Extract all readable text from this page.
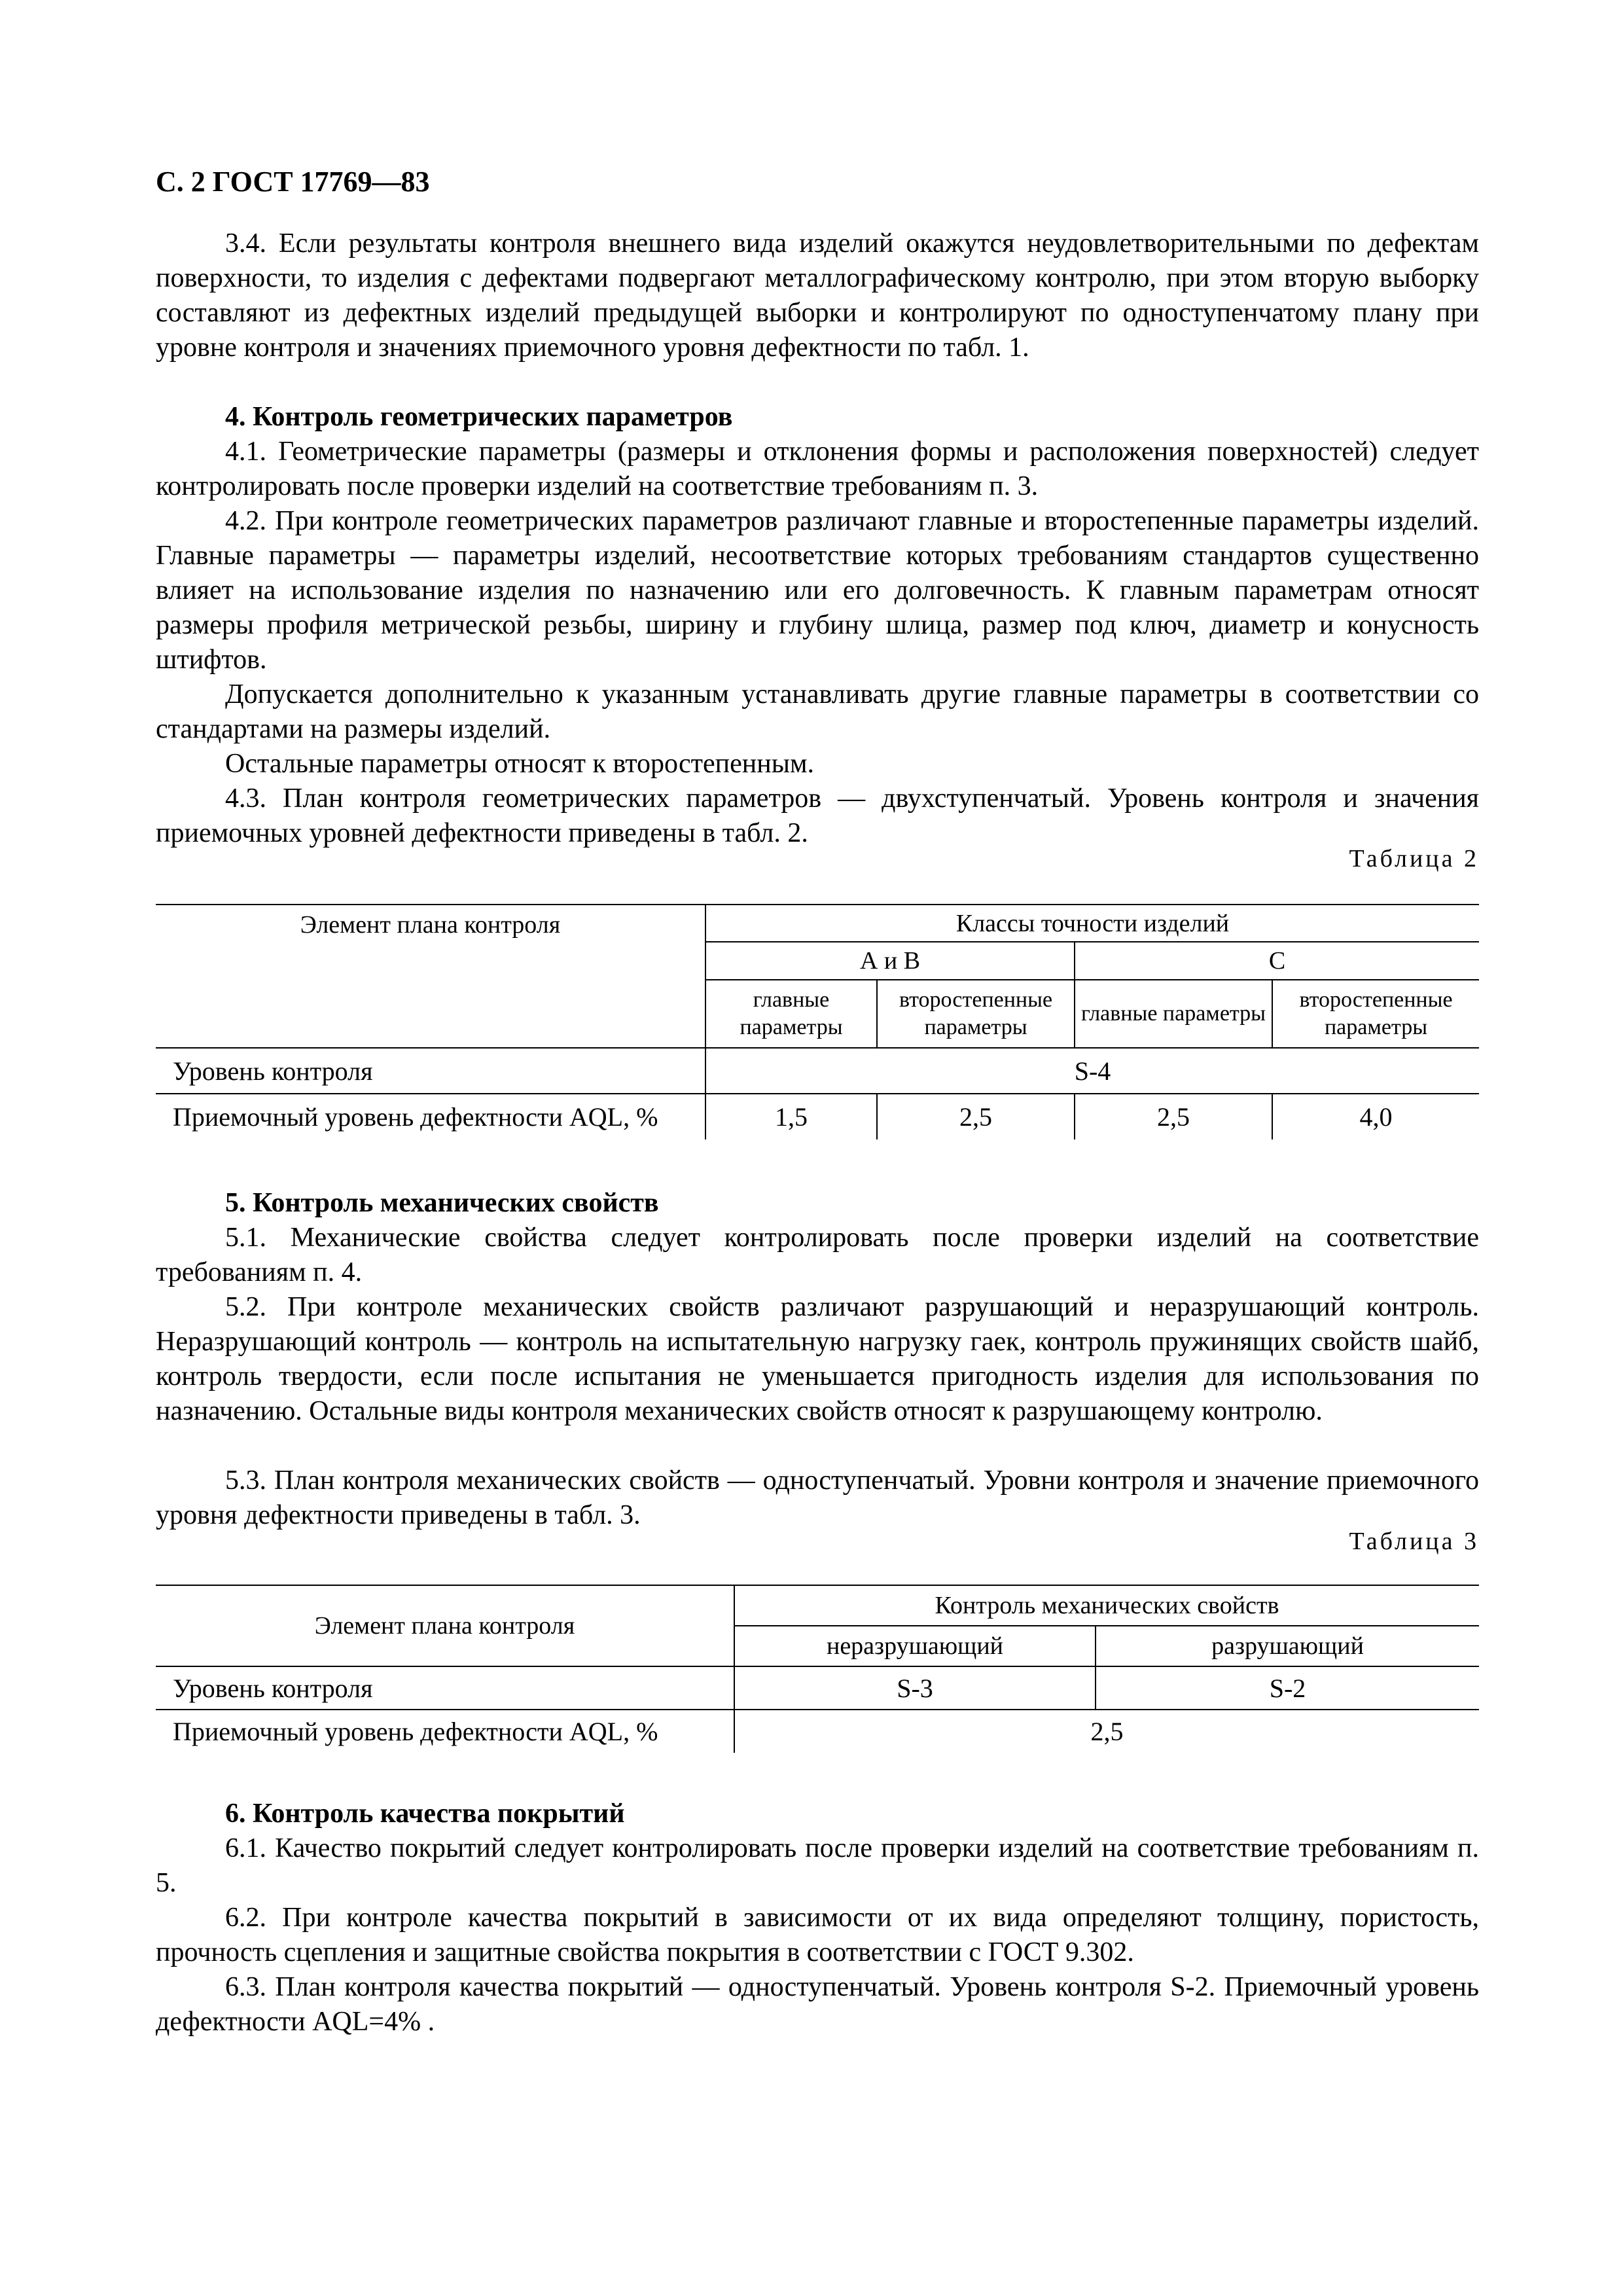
С. 2 ГОСТ 17769—83

3.4. Если результаты контроля внешнего вида изделий окажутся неудовлетворительными по дефектам поверхности, то изделия с дефектами подвергают металлографическому контролю, при этом вторую выборку составляют из дефектных изделий предыдущей выборки и контролируют по одноступенчатому плану при уровне контроля и значениях приемочного уровня дефектности по табл. 1.

4. Контроль геометрических параметров

4.1. Геометрические параметры (размеры и отклонения формы и расположения поверхностей) следует контролировать после проверки изделий на соответствие требованиям п. 3.

4.2. При контроле геометрических параметров различают главные и второстепенные параметры изделий. Главные параметры — параметры изделий, несоответствие которых требованиям стандартов существенно влияет на использование изделия по назначению или его долговечность. К главным параметрам относят размеры профиля метрической резьбы, ширину и глубину шлица, размер под ключ, диаметр и конусность штифтов.

Допускается дополнительно к указанным устанавливать другие главные параметры в соответствии со стандартами на размеры изделий.

Остальные параметры относят к второстепенным.

4.3. План контроля геометрических параметров — двухступенчатый. Уровень контроля и значения приемочных уровней дефектности приведены в табл. 2.

Таблица 2
Элемент плана контроля	Классы точности изделий			
	А и В		С	
	главные параметры	второстепенные параметры	главные параметры	второстепенные параметры
Уровень контроля	S-4			
Приемочный уровень дефектности AQL, %	1,5	2,5	2,5	4,0

5. Контроль механических свойств

5.1. Механические свойства следует контролировать после проверки изделий на соответствие требованиям п. 4.

5.2. При контроле механических свойств различают разрушающий и неразрушающий контроль. Неразрушающий контроль — контроль на испытательную нагрузку гаек, контроль пружинящих свойств шайб, контроль твердости, если после испытания не уменьшается пригодность изделия для использования по назначению. Остальные виды контроля механических свойств относят к разрушающему контролю.

5.3. План контроля механических свойств — одноступенчатый. Уровни контроля и значение приемочного уровня дефектности приведены в табл. 3.

Таблица 3
Элемент плана контроля	Контроль механических свойств	
	неразрушающий	разрушающий
Уровень контроля	S-3	S-2
Приемочный уровень дефектности AQL, %	2,5	

6. Контроль качества покрытий

6.1. Качество покрытий следует контролировать после проверки изделий на соответствие требованиям п. 5.

6.2. При контроле качества покрытий в зависимости от их вида определяют толщину, пористость, прочность сцепления и защитные свойства покрытия в соответствии с ГОСТ 9.302.

6.3. План контроля качества покрытий — одноступенчатый. Уровень контроля S-2. Приемочный уровень дефектности AQL=4% .
